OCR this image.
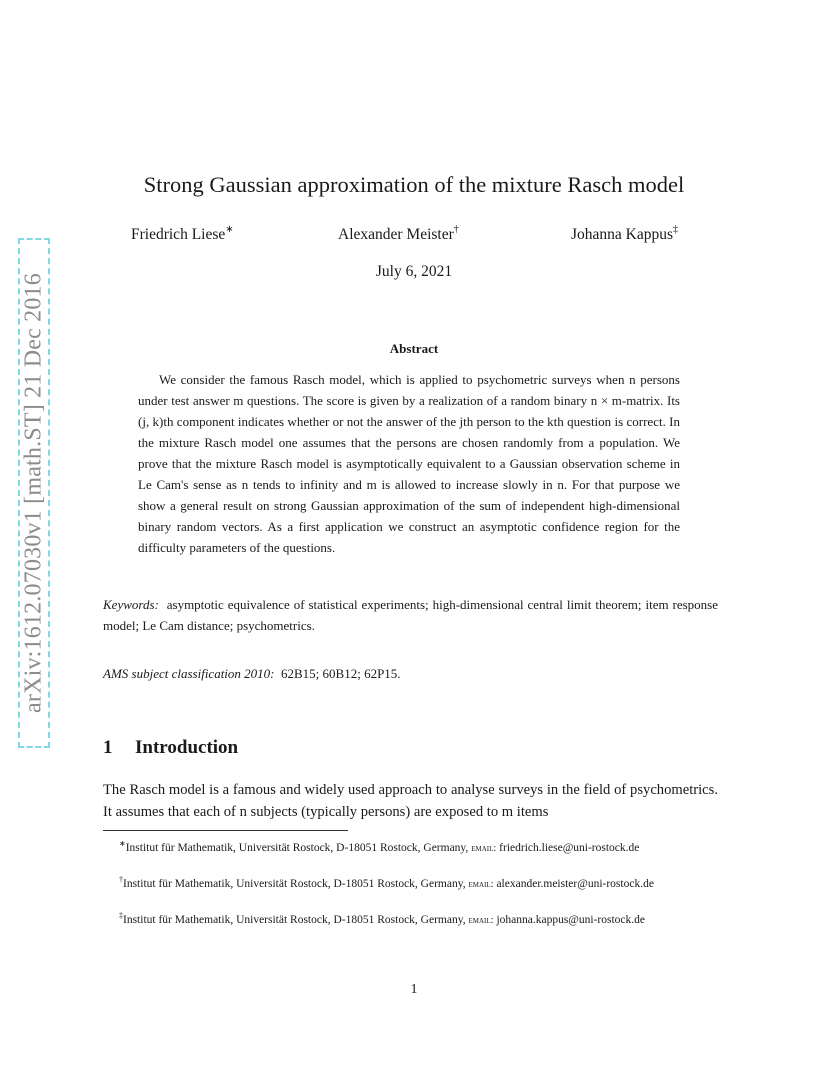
arXiv:1612.07030v1 [math.ST] 21 Dec 2016
Strong Gaussian approximation of the mixture Rasch model
Friedrich Liese∗	Alexander Meister†	Johanna Kappus‡
July 6, 2021
Abstract

We consider the famous Rasch model, which is applied to psychometric surveys when n persons under test answer m questions. The score is given by a realization of a random binary n × m-matrix. Its (j, k)th component indicates whether or not the answer of the jth person to the kth question is correct. In the mixture Rasch model one assumes that the persons are chosen randomly from a population. We prove that the mixture Rasch model is asymptotically equivalent to a Gaussian observation scheme in Le Cam's sense as n tends to infinity and m is allowed to increase slowly in n. For that purpose we show a general result on strong Gaussian approximation of the sum of independent high-dimensional binary random vectors. As a first application we construct an asymptotic confidence region for the difficulty parameters of the questions.

Keywords: asymptotic equivalence of statistical experiments; high-dimensional central limit theorem; item response model; Le Cam distance; psychometrics.

AMS subject classification 2010: 62B15; 60B12; 62P15.

1 Introduction

The Rasch model is a famous and widely used approach to analyse surveys in the field of psychometrics. It assumes that each of n subjects (typically persons) are exposed to m items

∗Institut für Mathematik, Universität Rostock, D-18051 Rostock, Germany, email: friedrich.liese@uni-rostock.de

†Institut für Mathematik, Universität Rostock, D-18051 Rostock, Germany, email: alexander.meister@uni-rostock.de

‡Institut für Mathematik, Universität Rostock, D-18051 Rostock, Germany, email: johanna.kappus@uni-rostock.de

1
